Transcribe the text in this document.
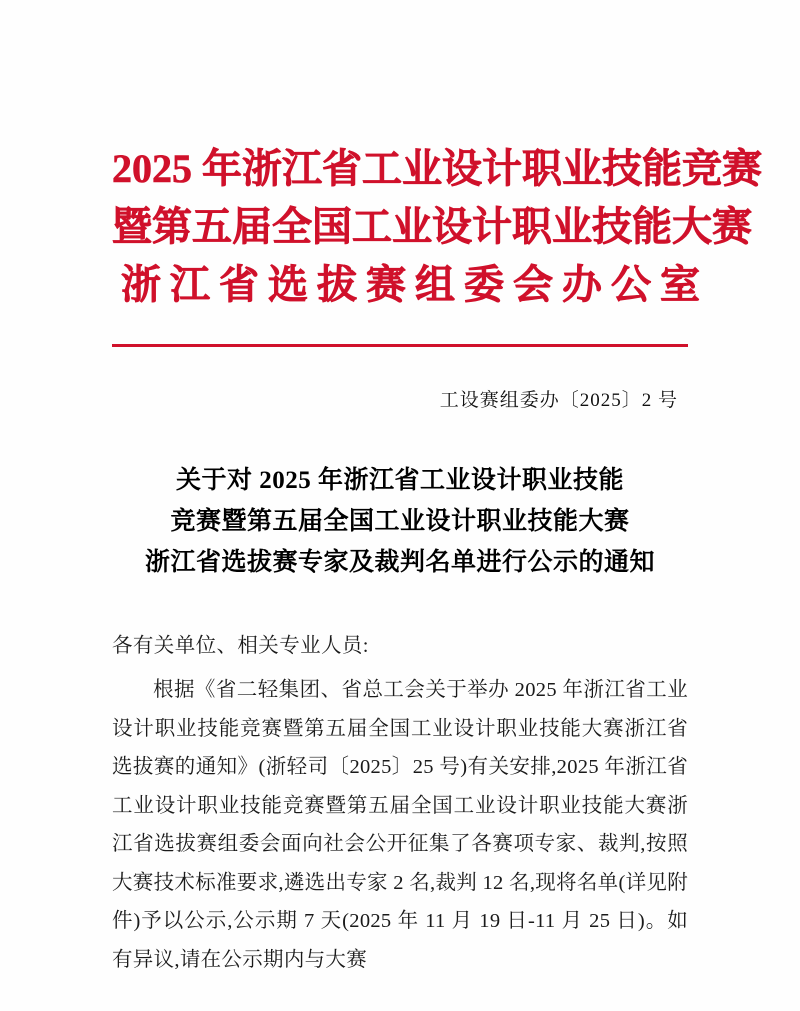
2025 年浙江省工业设计职业技能竞赛
暨第五届全国工业设计职业技能大赛
浙江省选拔赛组委会办公室
工设赛组委办〔2025〕2 号
关于对 2025 年浙江省工业设计职业技能
竞赛暨第五届全国工业设计职业技能大赛
浙江省选拔赛专家及裁判名单进行公示的通知
各有关单位、相关专业人员:
根据《省二轻集团、省总工会关于举办 2025 年浙江省工业设计职业技能竞赛暨第五届全国工业设计职业技能大赛浙江省选拔赛的通知》(浙轻司〔2025〕25 号)有关安排,2025 年浙江省工业设计职业技能竞赛暨第五届全国工业设计职业技能大赛浙江省选拔赛组委会面向社会公开征集了各赛项专家、裁判,按照大赛技术标准要求,遴选出专家 2 名,裁判 12 名,现将名单(详见附件)予以公示,公示期 7 天(2025 年 11 月 19 日-11 月 25 日)。如有异议,请在公示期内与大赛
